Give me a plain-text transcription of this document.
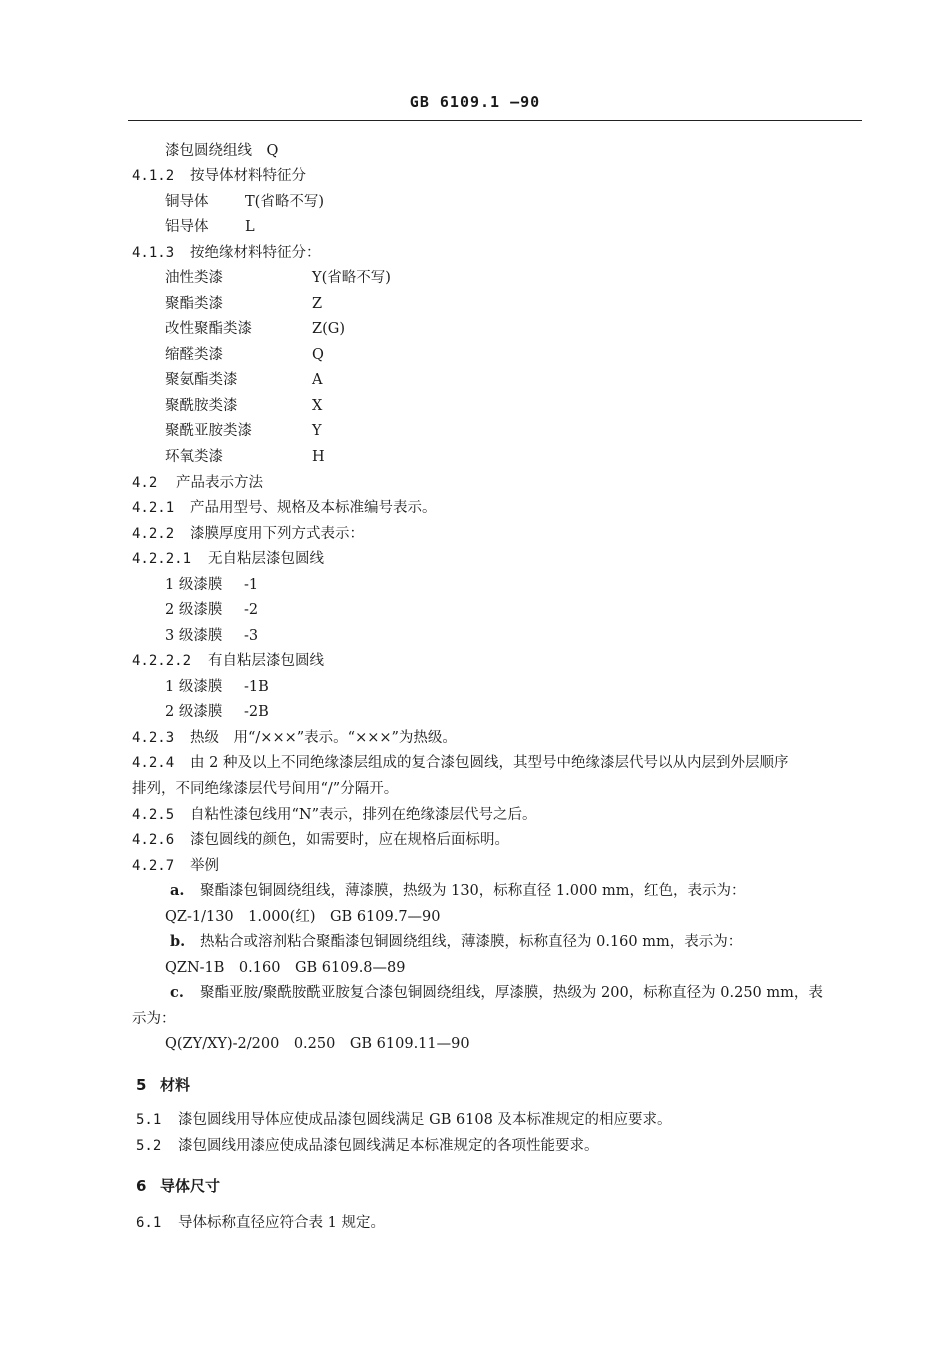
GB 6109.1 —90
漆包圆绕组线　Q
4.1.2 按导体材料特征分
铜导体	T(省略不写)
铝导体	L
4.1.3 按绝缘材料特征分：
油性类漆	Y(省略不写)
聚酯类漆	Z
改性聚酯类漆	Z(G)
缩醛类漆	Q
聚氨酯类漆	A
聚酰胺类漆	X
聚酰亚胺类漆	Y
环氧类漆	H
4.2 产品表示方法
4.2.1 产品用型号、规格及本标准编号表示。
4.2.2 漆膜厚度用下列方式表示：
4.2.2.1 无自粘层漆包圆线
1 级漆膜 -1
2 级漆膜 -2
3 级漆膜 -3
4.2.2.2 有自粘层漆包圆线
1 级漆膜 -1B
2 级漆膜 -2B
4.2.3 热级　用“/×××”表示。“×××”为热级。
4.2.4 由 2 种及以上不同绝缘漆层组成的复合漆包圆线，其型号中绝缘漆层代号以从内层到外层顺序
排列，不同绝缘漆层代号间用“/”分隔开。
4.2.5 自粘性漆包线用“N”表示，排列在绝缘漆层代号之后。
4.2.6 漆包圆线的颜色，如需要时，应在规格后面标明。
4.2.7 举例
a. 聚酯漆包铜圆绕组线，薄漆膜，热级为 130，标称直径 1.000 mm，红色，表示为：
QZ-1/130　1.000(红)　GB 6109.7—90
b. 热粘合或溶剂粘合聚酯漆包铜圆绕组线，薄漆膜，标称直径为 0.160 mm，表示为：
QZN-1B　0.160　GB 6109.8—89
c. 聚酯亚胺/聚酰胺酰亚胺复合漆包铜圆绕组线，厚漆膜，热级为 200，标称直径为 0.250 mm，表
示为：
Q(ZY/XY)-2/200　0.250　GB 6109.11—90
5 材料
5.1 漆包圆线用导体应使成品漆包圆线满足 GB 6108 及本标准规定的相应要求。
5.2 漆包圆线用漆应使成品漆包圆线满足本标准规定的各项性能要求。
6 导体尺寸
6.1 导体标称直径应符合表 1 规定。
